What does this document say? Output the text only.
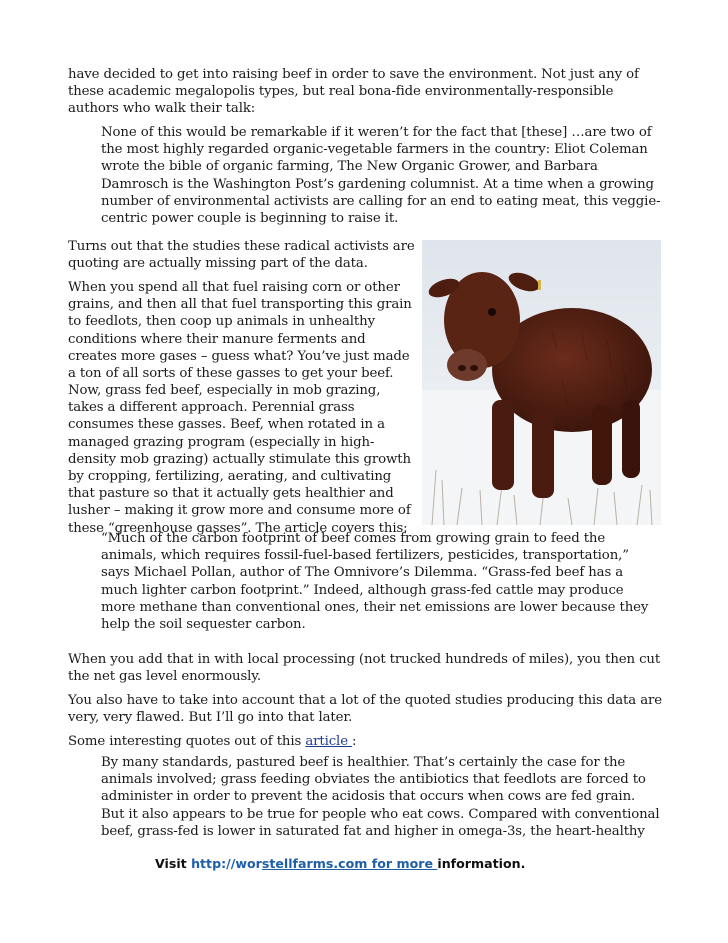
have decided to get into raising beef in order to save the environment. Not just any of these academic megalopolis types, but real bona-fide environmentally-responsible authors who walk their talk:

None of this would be remarkable if it weren’t for the fact that [these] …are two of the most highly regarded organic-vegetable farmers in the country: Eliot Coleman wrote the bible of organic farming, The New Organic Grower, and Barbara Damrosch is the Washington Post’s gardening columnist. At a time when a growing number of environmental activists are calling for an end to eating meat, this veggie-centric power couple is beginning to raise it.

Turns out that the studies these radical activists are quoting are actually missing part of the data.

When you spend all that fuel raising corn or other grains, and then all that fuel transporting this grain to feedlots, then coop up animals in unhealthy conditions where their manure ferments and creates more gases – guess what? You’ve just made a ton of all sorts of these gasses to get your beef.

Now, grass fed beef, especially in mob grazing, takes a different approach. Perennial grass consumes these gasses. Beef, when rotated in a managed grazing program (especially in high-density mob grazing) actually stimulate this growth by cropping, fertilizing, aerating, and cultivating that pasture so that it actually gets healthier and lusher – making it grow more and consume more of these “greenhouse gasses”. The article covers this:

“Much of the carbon footprint of beef comes from growing grain to feed the animals, which requires fossil-fuel-based fertilizers, pesticides, transportation,” says Michael Pollan, author of The Omnivore’s Dilemma. “Grass-fed beef has a much lighter carbon footprint.” Indeed, although grass-fed cattle may produce more methane than conventional ones, their net emissions are lower because they help the soil sequester carbon.

When you add that in with local processing (not trucked hundreds of miles), you then cut the net gas level enormously.

You also have to take into account that a lot of the quoted studies producing this data are very, very flawed. But I’ll go into that later.

Some interesting quotes out of this article :

By many standards, pastured beef is healthier. That’s certainly the case for the animals involved; grass feeding obviates the antibiotics that feedlots are forced to administer in order to prevent the acidosis that occurs when cows are fed grain. But it also appears to be true for people who eat cows. Compared with conventional beef, grass-fed is lower in saturated fat and higher in omega-3s, the heart-healthy

Visit http://worstellfarms.com for more information.
